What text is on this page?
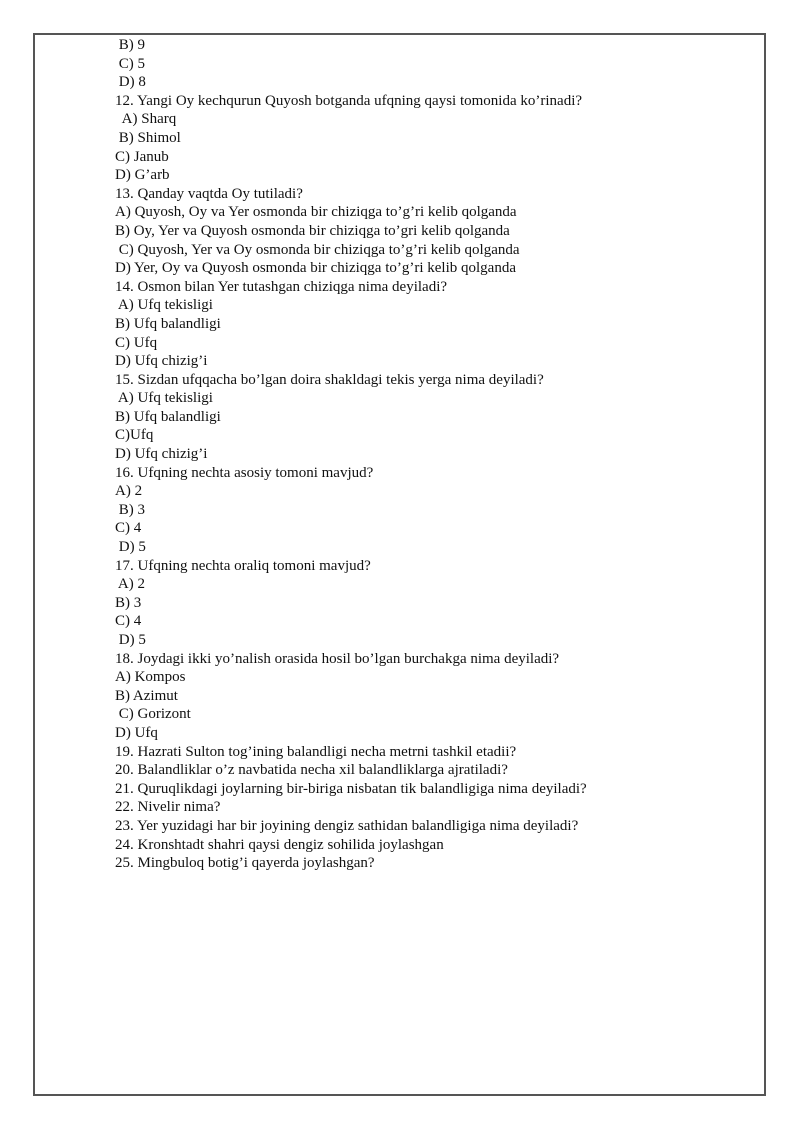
B) 9
C) 5
D) 8
12. Yangi Oy kechqurun Quyosh botganda ufqning qaysi tomonida ko’rinadi?
A) Sharq
B) Shimol
C) Janub
D) G’arb
13. Qanday vaqtda Oy tutiladi?
A) Quyosh, Oy va Yer osmonda bir chiziqga to’g’ri kelib qolganda
B) Oy, Yer va Quyosh osmonda bir chiziqga to’gri kelib qolganda
C) Quyosh, Yer va Oy osmonda bir chiziqga to’g’ri kelib qolganda
D) Yer, Oy va Quyosh osmonda bir chiziqga to’g’ri kelib qolganda
14. Osmon bilan Yer tutashgan chiziqga nima deyiladi?
A) Ufq tekisligi
B) Ufq balandligi
C) Ufq
D) Ufq chizig’i
15. Sizdan ufqqacha bo’lgan doira shakldagi tekis yerga nima deyiladi?
A) Ufq tekisligi
B) Ufq balandligi
C)Ufq
D) Ufq chizig’i
16. Ufqning nechta asosiy tomoni mavjud?
A) 2
B) 3
C) 4
D) 5
17. Ufqning nechta oraliq tomoni mavjud?
A) 2
B) 3
C) 4
D) 5
18. Joydagi ikki yo’nalish orasida hosil bo’lgan burchakga nima deyiladi?
A) Kompos
B) Azimut
C) Gorizont
D) Ufq
19. Hazrati Sulton tog’ining balandligi necha metrni tashkil etadii?
20. Balandliklar o’z navbatida necha xil balandliklarga ajratiladi?
21. Quruqlikdagi joylarning bir-biriga nisbatan tik balandligiga nima deyiladi?
22. Nivelir nima?
23. Yer yuzidagi har bir joyining dengiz sathidan balandligiga nima deyiladi?
24. Kronshtadt shahri qaysi dengiz sohilida joylashgan
25. Mingbuloq botig’i qayerda joylashgan?
